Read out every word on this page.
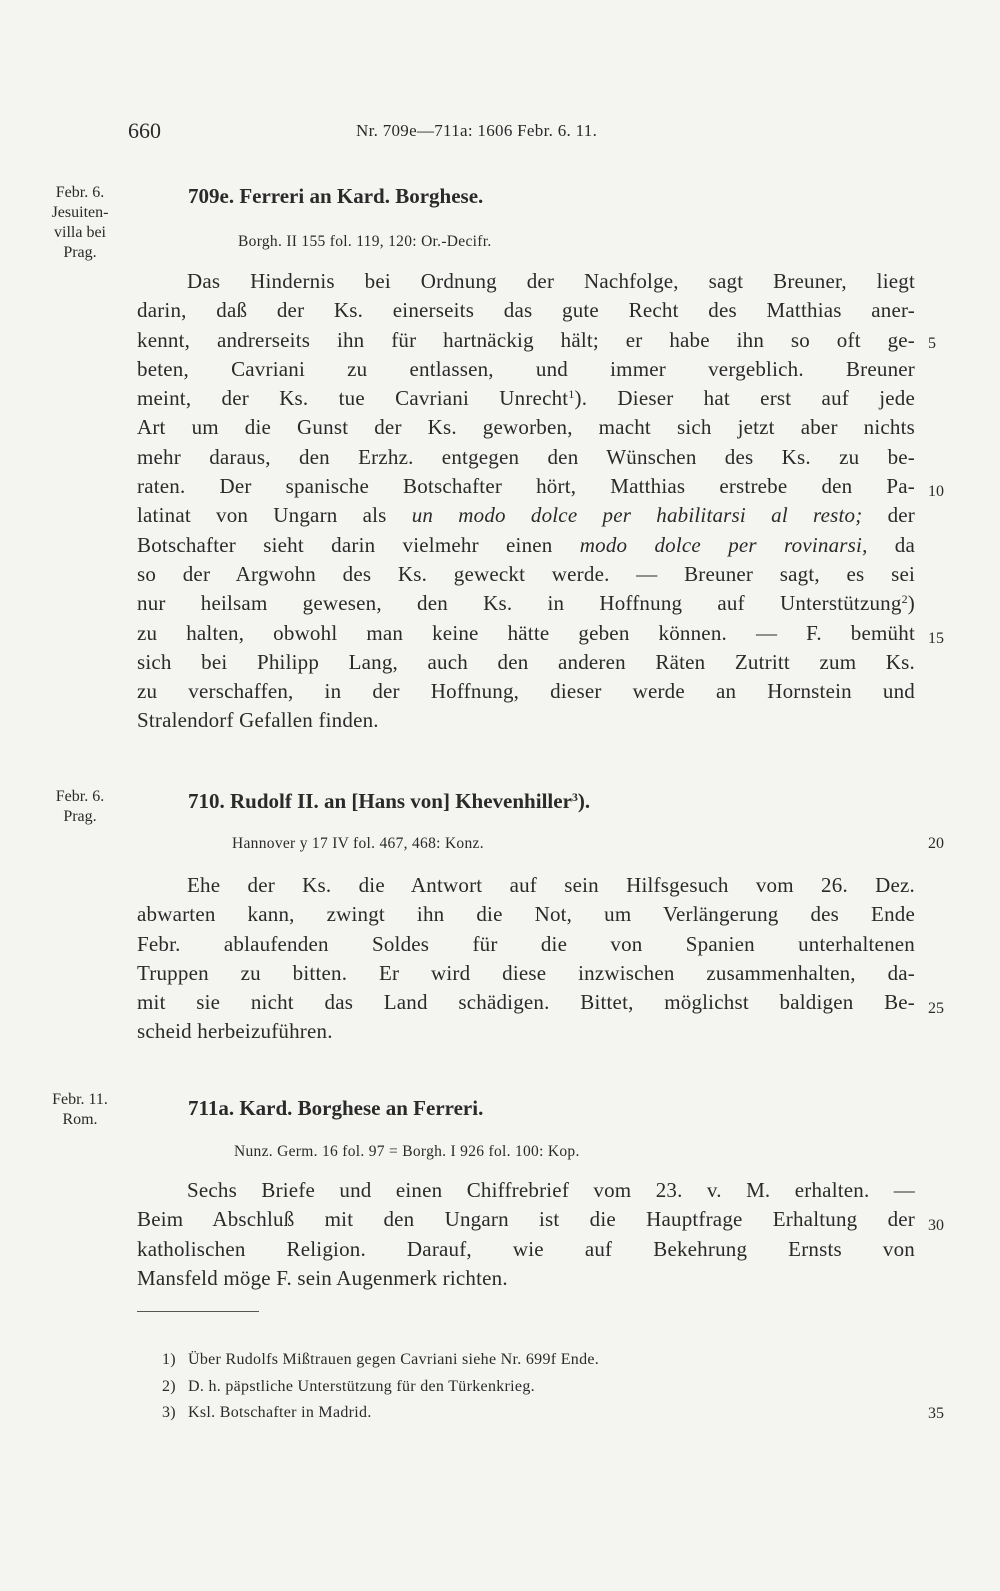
660	Nr. 709e—711a: 1606 Febr. 6. 11.
Febr. 6.
Jesuiten-
villa bei
Prag.
709e. Ferreri an Kard. Borghese.
Borgh. II 155 fol. 119, 120: Or.-Decifr.
Das Hindernis bei Ordnung der Nachfolge, sagt Breuner, liegt
darin, daß der Ks. einerseits das gute Recht des Matthias aner-
kennt, andrerseits ihn für hartnäckig hält; er habe ihn so oft ge-
beten, Cavriani zu entlassen, und immer vergeblich. Breuner
meint, der Ks. tue Cavriani Unrecht$^1$). Dieser hat erst auf jede
Art um die Gunst der Ks. geworben, macht sich jetzt aber nichts
mehr daraus, den Erzhz. entgegen den Wünschen des Ks. zu be-
raten. Der spanische Botschafter hört, Matthias erstrebe den Pa-
latinat von Ungarn als un modo dolce per habilitarsi al resto; der
Botschafter sieht darin vielmehr einen modo dolce per rovinarsi, da
so der Argwohn des Ks. geweckt werde. — Breuner sagt, es sei
nur heilsam gewesen, den Ks. in Hoffnung auf Unterstützung$^2$)
zu halten, obwohl man keine hätte geben können. — F. bemüht
sich bei Philipp Lang, auch den anderen Räten Zutritt zum Ks.
zu verschaffen, in der Hoffnung, dieser werde an Hornstein und
Stralendorf Gefallen finden.
Febr. 6.
Prag.
710. Rudolf II. an [Hans von] Khevenhiller$^3$).
Hannover y 17 IV fol. 467, 468: Konz.
Ehe der Ks. die Antwort auf sein Hilfsgesuch vom 26. Dez.
abwarten kann, zwingt ihn die Not, um Verlängerung des Ende
Febr. ablaufenden Soldes für die von Spanien unterhaltenen
Truppen zu bitten. Er wird diese inzwischen zusammenhalten, da-
mit sie nicht das Land schädigen. Bittet, möglichst baldigen Be-
scheid herbeizuführen.
Febr. 11.
Rom.	711a. Kard. Borghese an Ferreri.
Nunz. Germ. 16 fol. 97 = Borgh. I 926 fol. 100: Kop.
Sechs Briefe und einen Chiffrebrief vom 23. v. M. erhalten. —
Beim Abschluß mit den Ungarn ist die Hauptfrage Erhaltung der
katholischen Religion. Darauf, wie auf Bekehrung Ernsts von
Mansfeld möge F. sein Augenmerk richten.
5
10
15
20
25
30
35
1) Über Rudolfs Mißtrauen gegen Cavriani siehe Nr. 699f Ende.
2) D. h. päpstliche Unterstützung für den Türkenkrieg.
3) Ksl. Botschafter in Madrid.
